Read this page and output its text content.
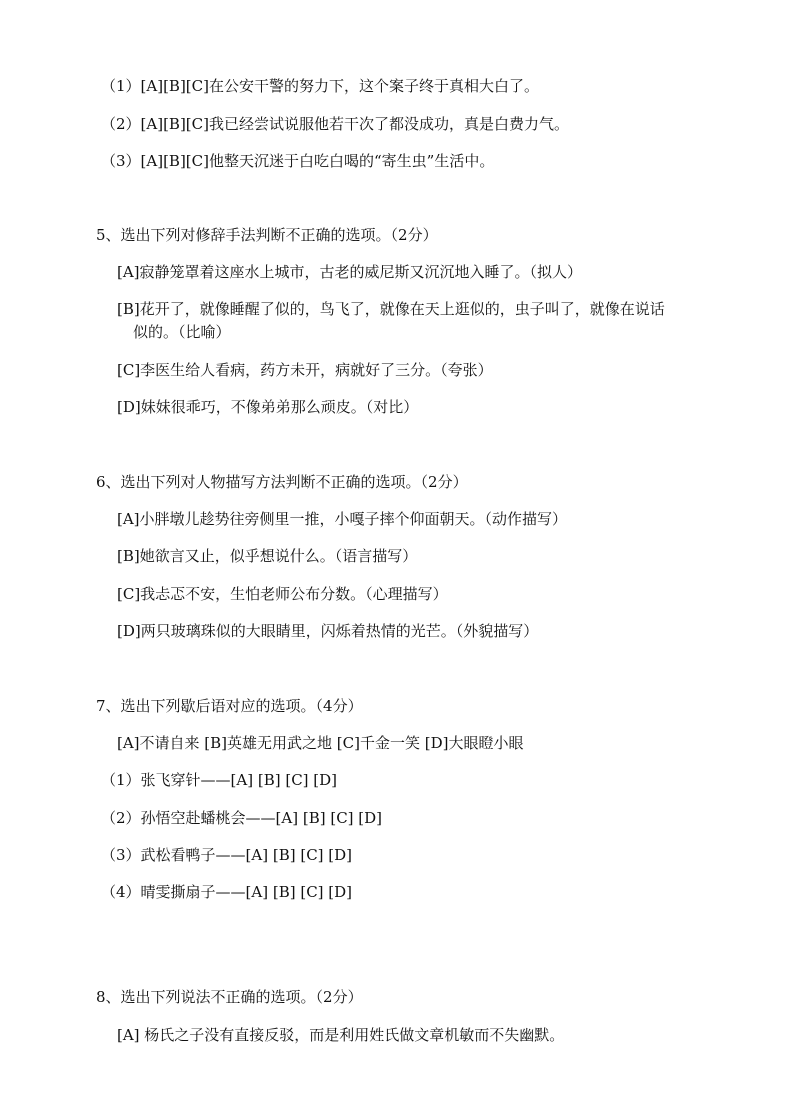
（1）[A][B][C]在公安干警的努力下，这个案子终于真相大白了。
（2）[A][B][C]我已经尝试说服他若干次了都没成功，真是白费力气。
（3）[A][B][C]他整天沉迷于白吃白喝的“寄生虫”生活中。
5、选出下列对修辞手法判断不正确的选项。（2分）
[A]寂静笼罩着这座水上城市，古老的威尼斯又沉沉地入睡了。（拟人）
[B]花开了，就像睡醒了似的，鸟飞了，就像在天上逛似的，虫子叫了，就像在说话
似的。（比喻）
[C]李医生给人看病，药方未开，病就好了三分。（夸张）
[D]妹妹很乖巧，不像弟弟那么顽皮。（对比）
6、选出下列对人物描写方法判断不正确的选项。（2分）
[A]小胖墩儿趁势往旁侧里一推，小嘎子摔个仰面朝天。（动作描写）
[B]她欲言又止，似乎想说什么。（语言描写）
[C]我忐忑不安，生怕老师公布分数。（心理描写）
[D]两只玻璃珠似的大眼睛里，闪烁着热情的光芒。（外貌描写）
7、选出下列歇后语对应的选项。（4分）
[A]不请自来 [B]英雄无用武之地 [C]千金一笑 [D]大眼瞪小眼
（1）张飞穿针——[A] [B] [C] [D]
（2）孙悟空赴蟠桃会——[A] [B] [C] [D]
（3）武松看鸭子——[A] [B] [C] [D]
（4）晴雯撕扇子——[A] [B] [C] [D]
8、选出下列说法不正确的选项。（2分）
[A] 杨氏之子没有直接反驳，而是利用姓氏做文章机敏而不失幽默。
